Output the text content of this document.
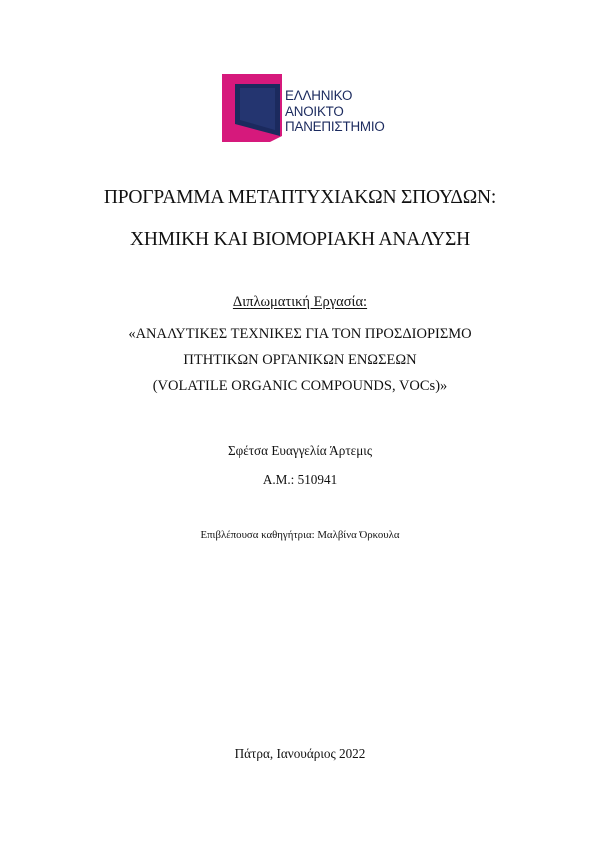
ΕΛΛΗΝΙΚΟ
ΑΝΟΙΚΤΟ
ΠΑΝΕΠΙΣΤΗΜΙΟ
ΠΡΟΓΡΑΜΜΑ ΜΕΤΑΠΤΥΧΙΑΚΩΝ ΣΠΟΥΔΩΝ:
ΧΗΜΙΚΗ ΚΑΙ ΒΙΟΜΟΡΙΑΚΗ ΑΝΑΛΥΣΗ
Διπλωματική Εργασία:
«ΑΝΑΛΥΤΙΚΕΣ ΤΕΧΝΙΚΕΣ ΓΙΑ ΤΟΝ ΠΡΟΣΔΙΟΡΙΣΜΟ
ΠΤΗΤΙΚΩΝ ΟΡΓΑΝΙΚΩΝ ΕΝΩΣΕΩΝ
(VOLATILE ORGANIC COMPOUNDS, VOCs)»
Σφέτσα Ευαγγελία Άρτεμις
Α.Μ.: 510941
Επιβλέπουσα καθηγήτρια: Μαλβίνα Όρκουλα
Πάτρα, Ιανουάριος 2022
